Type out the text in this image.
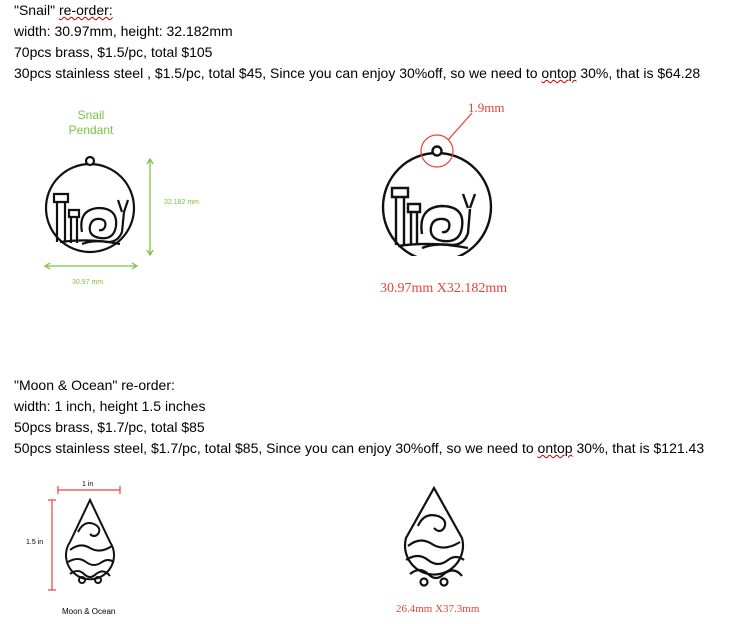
"Snail" re-order:
width: 30.97mm, height: 32.182mm
70pcs brass, $1.5/pc, total $105
30pcs stainless steel , $1.5/pc, total $45, Since you can enjoy 30%off, so we need to ontop 30%, that is $64.28
Snail
Pendant
32.182 mm
30.97 mm
1.9mm
30.97mm X32.182mm
"Moon & Ocean" re-order:
width: 1 inch, height 1.5 inches
50pcs brass, $1.7/pc, total $85
50pcs stainless steel, $1.7/pc, total $85, Since you can enjoy 30%off, so we need to ontop 30%, that is $121.43
1 in
1.5 in
Moon & Ocean	26.4mm X37.3mm
